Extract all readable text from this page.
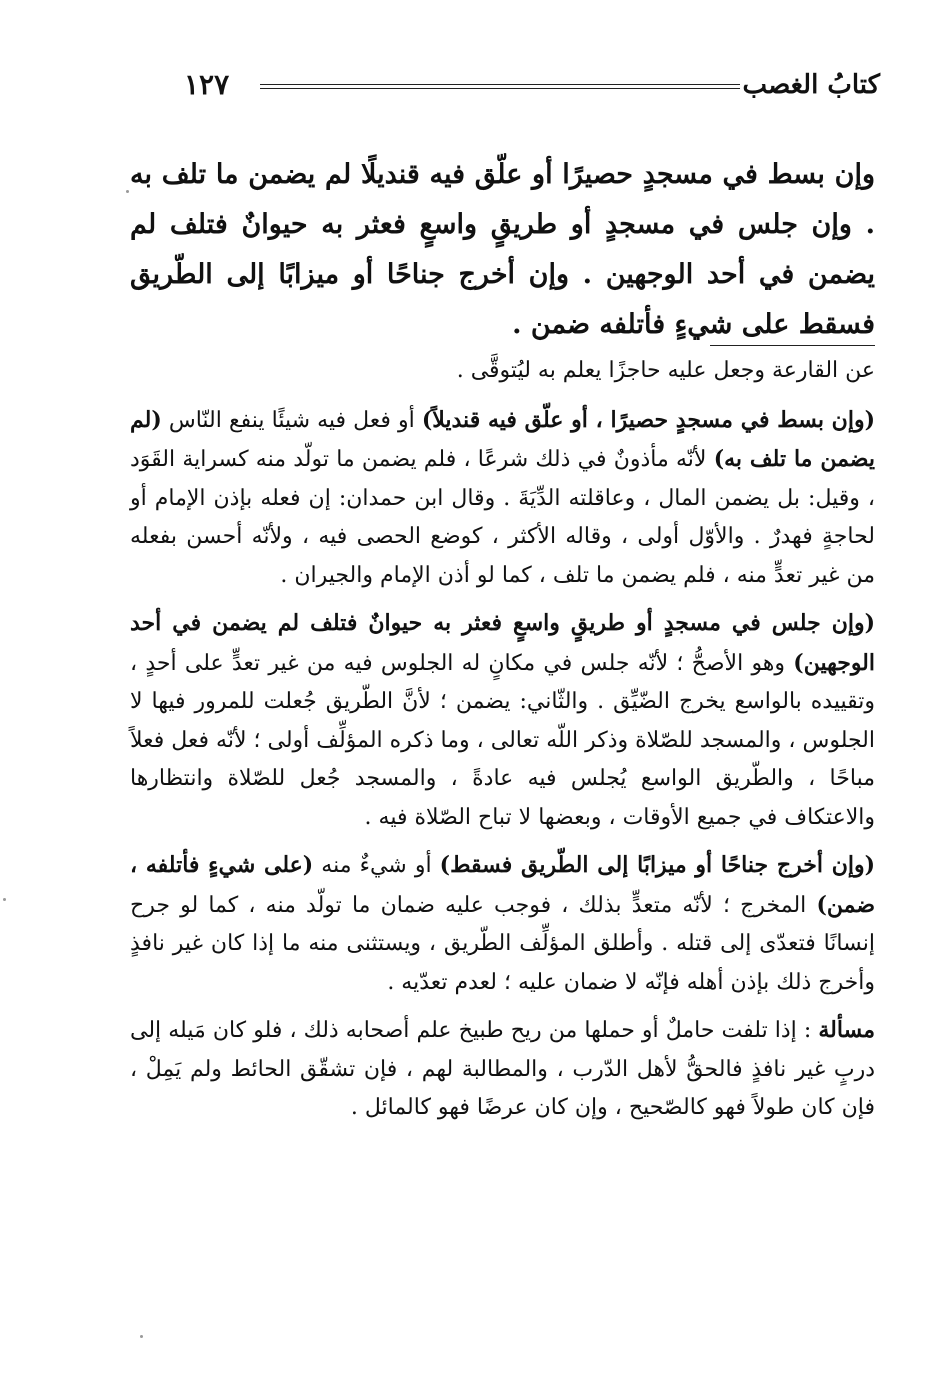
كتابُ الغصب
١٢٧
وإن بسط في مسجدٍ حصيرًا أو علّق فيه قنديلًا لم يضمن ما تلف به . وإن جلس في مسجدٍ أو طريقٍ واسعٍ فعثر به حيوانٌ فتلف لم يضمن في أحد الوجهين . وإن أخرج جناحًا أو ميزابًا إلى الطّريق فسقط على شيءٍ فأتلفه ضمن .

عن القارعة وجعل عليه حاجزًا يعلم به ليُتوقَّى .

(وإن بسط في مسجدٍ حصيرًا ، أو علّق فيه قنديلاً) أو فعل فيه شيئًا ينفع النّاس (لم يضمن ما تلف به) لأنّه مأذونٌ في ذلك شرعًا ، فلم يضمن ما تولّد منه كسراية القَوَد ، وقيل: بل يضمن المال ، وعاقلته الدِّيَةَ . وقال ابن حمدان: إن فعله بإذن الإمام أو لحاجةٍ فهدرٌ . والأوّل أولى ، وقاله الأكثر ، كوضع الحصى فيه ، ولأنّه أحسن بفعله من غير تعدٍّ منه ، فلم يضمن ما تلف ، كما لو أذن الإمام والجيران .

(وإن جلس في مسجدٍ أو طريقٍ واسعٍ فعثر به حيوانٌ فتلف لم يضمن في أحد الوجهين) وهو الأصحُّ ؛ لأنّه جلس في مكانٍ له الجلوس فيه من غير تعدٍّ على أحدٍ ، وتقييده بالواسع يخرج الضّيِّق . والثّاني: يضمن ؛ لأنَّ الطّريق جُعلت للمرور فيها لا الجلوس ، والمسجد للصّلاة وذكر اللّه تعالى ، وما ذكره المؤلِّف أولى ؛ لأنّه فعل فعلاً مباحًا ، والطّريق الواسع يُجلس فيه عادةً ، والمسجد جُعل للصّلاة وانتظارها والاعتكاف في جميع الأوقات ، وبعضها لا تباح الصّلاة فيه .

(وإن أخرج جناحًا أو ميزابًا إلى الطّريق فسقط) أو شيءٌ منه (على شيءٍ فأتلفه ، ضمن) المخرج ؛ لأنّه متعدٍّ بذلك ، فوجب عليه ضمان ما تولّد منه ، كما لو جرح إنسانًا فتعدّى إلى قتله . وأطلق المؤلِّف الطّريق ، ويستثنى منه ما إذا كان غير نافذٍ وأخرج ذلك بإذن أهله فإنّه لا ضمان عليه ؛ لعدم تعدّيه .

مسألة : إذا تلفت حاملٌ أو حملها من ريح طبيخ علم أصحابه ذلك ، فلو كان مَيله إلى دربٍ غير نافذٍ فالحقُّ لأهل الدّرب ، والمطالبة لهم ، فإن تشقّق الحائط ولم يَمِلْ ، فإن كان طولاً فهو كالصّحيح ، وإن كان عرضًا فهو كالمائل .
